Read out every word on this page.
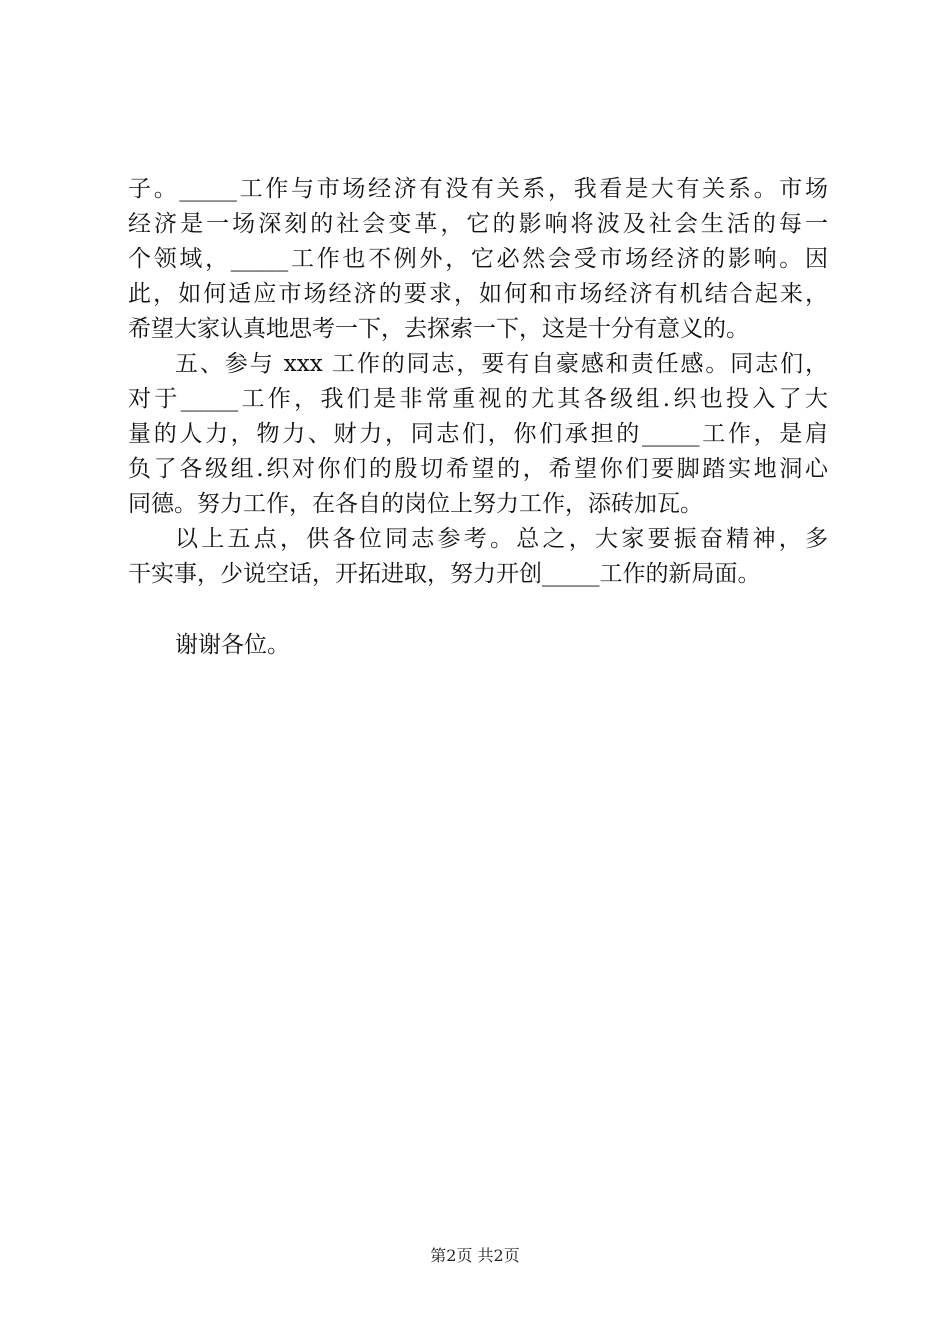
子。_____工作与市场经济有没有关系，我看是大有关系。市场
经济是一场深刻的社会变革，它的影响将波及社会生活的每一
个领域，_____工作也不例外，它必然会受市场经济的影响。因
此，如何适应市场经济的要求，如何和市场经济有机结合起来，
希望大家认真地思考一下，去探索一下，这是十分有意义的。
五、参与 xxx 工作的同志，要有自豪感和责任感。同志们，
对于_____工作，我们是非常重视的尤其各级组.织也投入了大
量的人力，物力、财力，同志们，你们承担的_____工作，是肩
负了各级组.织对你们的殷切希望的，希望你们要脚踏实地洞心
同德。努力工作，在各自的岗位上努力工作，添砖加瓦。
以上五点，供各位同志参考。总之，大家要振奋精神，多
干实事，少说空话，开拓进取，努力开创_____工作的新局面。
谢谢各位。
第2页 共2页
